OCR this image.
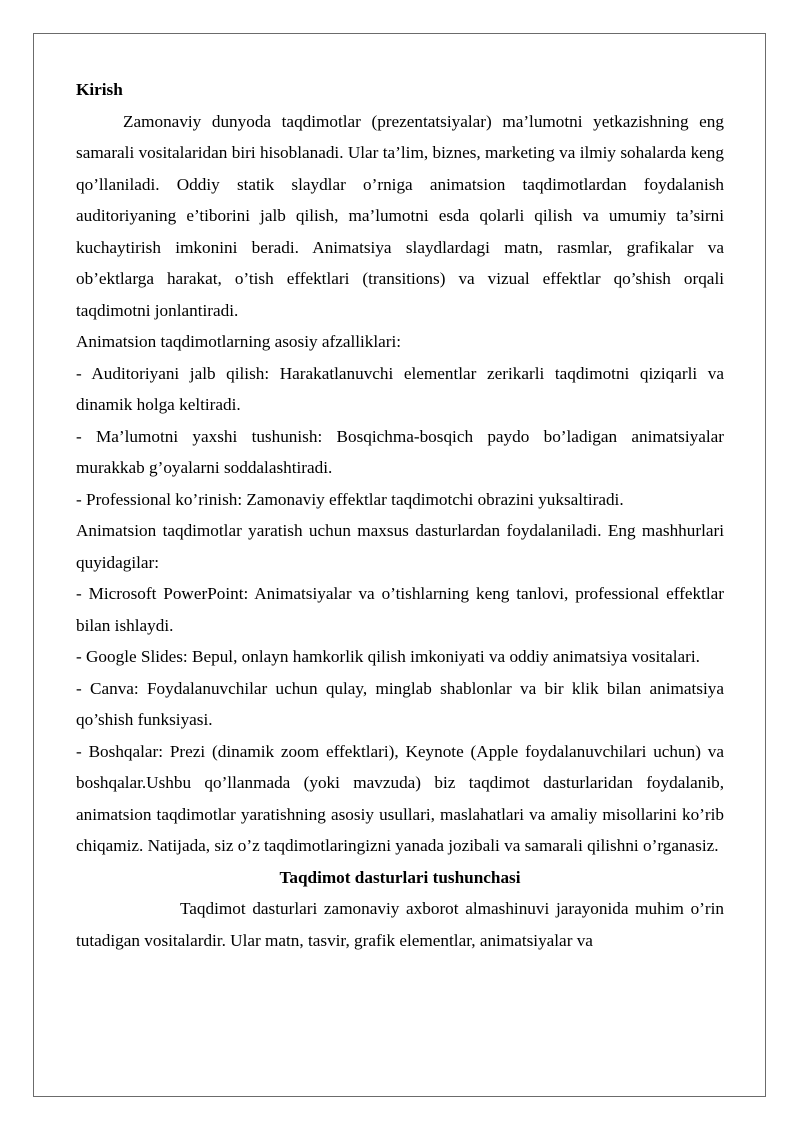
Kirish

Zamonaviy dunyoda taqdimotlar (prezentatsiyalar) ma’lumotni yetkazishning eng samarali vositalaridan biri hisoblanadi. Ular ta’lim, biznes, marketing va ilmiy sohalarda keng qo’llaniladi. Oddiy statik slaydlar o’rniga animatsion taqdimotlardan foydalanish auditoriyaning e’tiborini jalb qilish, ma’lumotni esda qolarli qilish va umumiy ta’sirni kuchaytirish imkonini beradi. Animatsiya slaydlardagi matn, rasmlar, grafikalar va ob’ektlarga harakat, o’tish effektlari (transitions) va vizual effektlar qo’shish orqali taqdimotni jonlantiradi.

Animatsion taqdimotlarning asosiy afzalliklari:

- Auditoriyani jalb qilish: Harakatlanuvchi elementlar zerikarli taqdimotni qiziqarli va dinamik holga keltiradi.

- Ma’lumotni yaxshi tushunish: Bosqichma-bosqich paydo bo’ladigan animatsiyalar murakkab g’oyalarni soddalashtiradi.

- Professional ko’rinish: Zamonaviy effektlar taqdimotchi obrazini yuksaltiradi.

Animatsion taqdimotlar yaratish uchun maxsus dasturlardan foydalaniladi. Eng mashhurlari quyidagilar:

- Microsoft PowerPoint: Animatsiyalar va o’tishlarning keng tanlovi, professional effektlar bilan ishlaydi.

- Google Slides: Bepul, onlayn hamkorlik qilish imkoniyati va oddiy animatsiya vositalari.

- Canva: Foydalanuvchilar uchun qulay, minglab shablonlar va bir klik bilan animatsiya qo’shish funksiyasi.

- Boshqalar: Prezi (dinamik zoom effektlari), Keynote (Apple foydalanuvchilari uchun) va boshqalar.Ushbu qo’llanmada (yoki mavzuda) biz taqdimot dasturlaridan foydalanib, animatsion taqdimotlar yaratishning asosiy usullari, maslahatlari va amaliy misollarini ko’rib chiqamiz. Natijada, siz o’z taqdimotlaringizni yanada jozibali va samarali qilishni o’rganasiz.

Taqdimot dasturlari tushunchasi

Taqdimot dasturlari zamonaviy axborot almashinuvi jarayonida muhim o’rin tutadigan vositalardir. Ular matn, tasvir, grafik elementlar, animatsiyalar va
